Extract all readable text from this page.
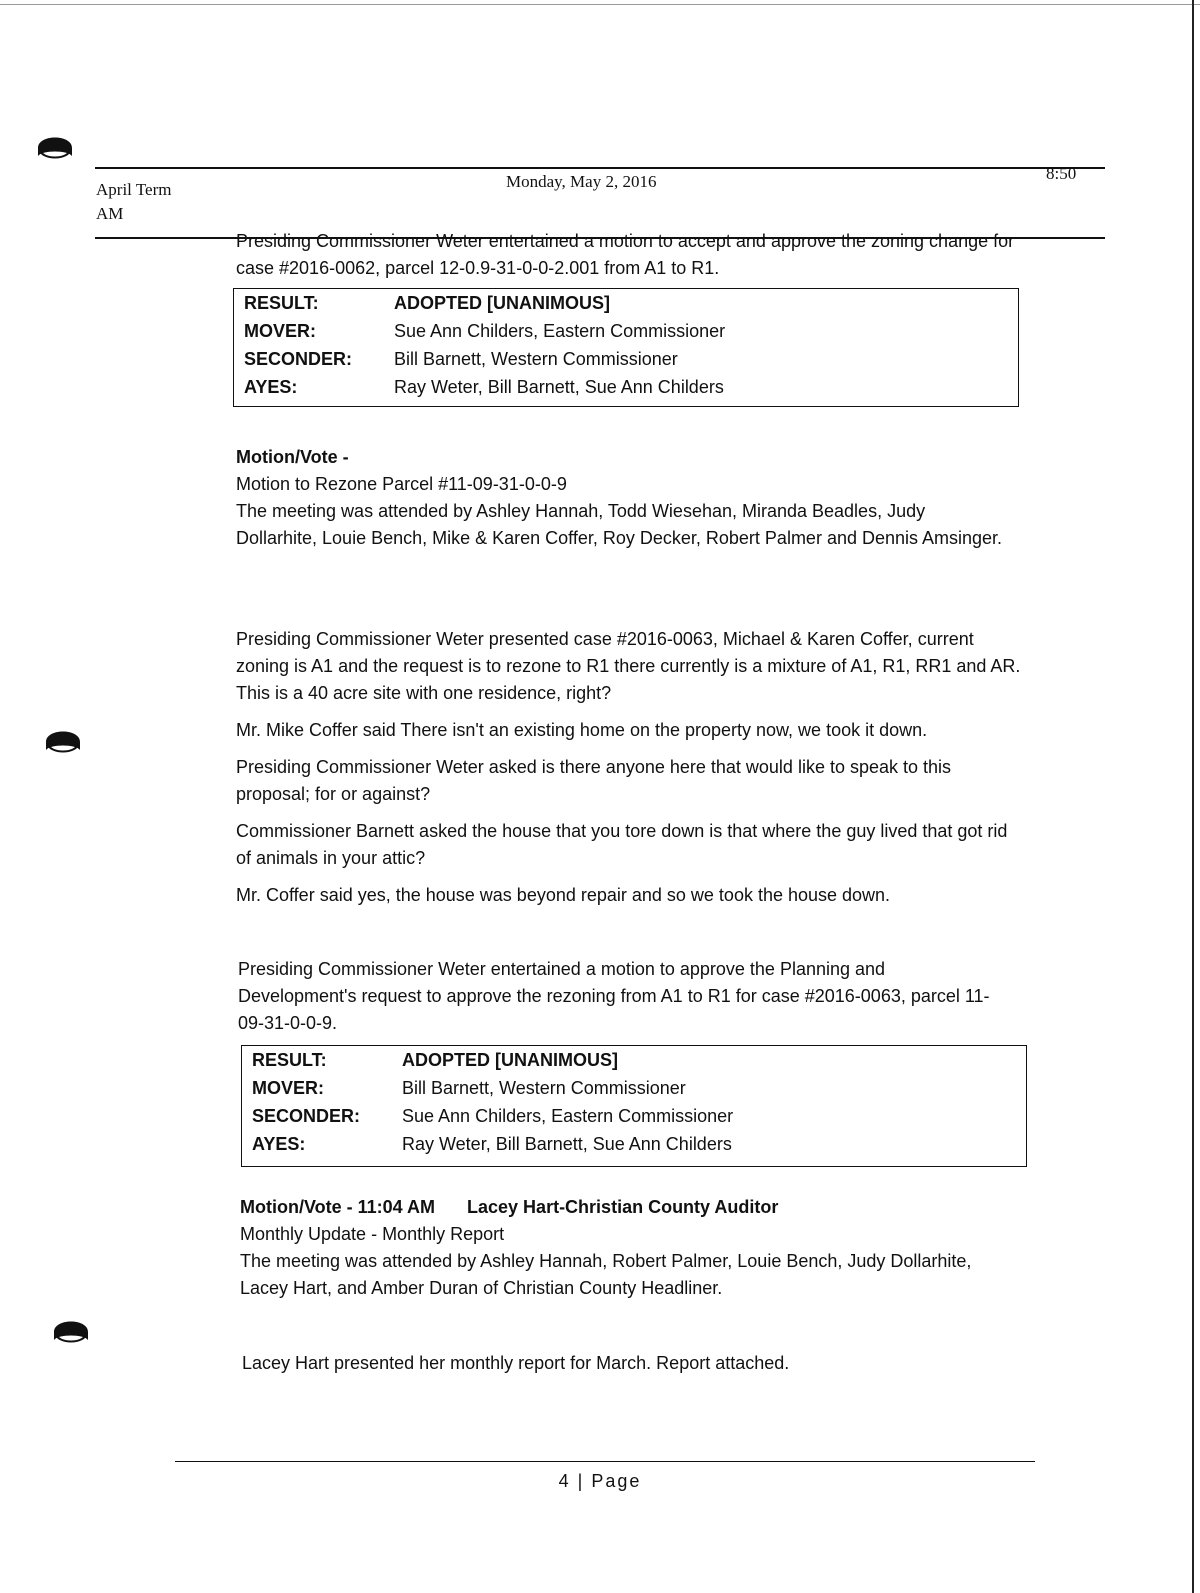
April Term
AM
Monday, May 2, 2016	8:50

Presiding Commissioner Weter entertained a motion to accept and approve the zoning change for case #2016-0062, parcel 12-0.9-31-0-0-2.001 from A1 to R1.

RESULT:	ADOPTED [UNANIMOUS]
MOVER:	Sue Ann Childers, Eastern Commissioner
SECONDER:	Bill Barnett, Western Commissioner
AYES:	Ray Weter, Bill Barnett, Sue Ann Childers

Motion/Vote -

Motion to Rezone Parcel #11-09-31-0-0-9

The meeting was attended by Ashley Hannah, Todd Wiesehan, Miranda Beadles, Judy Dollarhite, Louie Bench, Mike & Karen Coffer, Roy Decker, Robert Palmer and Dennis Amsinger.

Presiding Commissioner Weter presented case #2016-0063, Michael & Karen Coffer, current zoning is A1 and the request is to rezone to R1 there currently is a mixture of A1, R1, RR1 and AR. This is a 40 acre site with one residence, right?

Mr. Mike Coffer said There isn't an existing home on the property now, we took it down.

Presiding Commissioner Weter asked is there anyone here that would like to speak to this proposal; for or against?

Commissioner Barnett asked the house that you tore down is that where the guy lived that got rid of animals in your attic?

Mr. Coffer said yes, the house was beyond repair and so we took the house down.

Presiding Commissioner Weter entertained a motion to approve the Planning and Development's request to approve the rezoning from A1 to R1 for case #2016-0063, parcel 11-09-31-0-0-9.

RESULT:	ADOPTED [UNANIMOUS]
MOVER:	Bill Barnett, Western Commissioner
SECONDER:	Sue Ann Childers, Eastern Commissioner
AYES:	Ray Weter, Bill Barnett, Sue Ann Childers

Motion/Vote - 11:04 AM Lacey Hart-Christian County Auditor

Monthly Update - Monthly Report

The meeting was attended by Ashley Hannah, Robert Palmer, Louie Bench, Judy Dollarhite, Lacey Hart, and Amber Duran of Christian County Headliner.

Lacey Hart presented her monthly report for March. Report attached.
4 | Page
